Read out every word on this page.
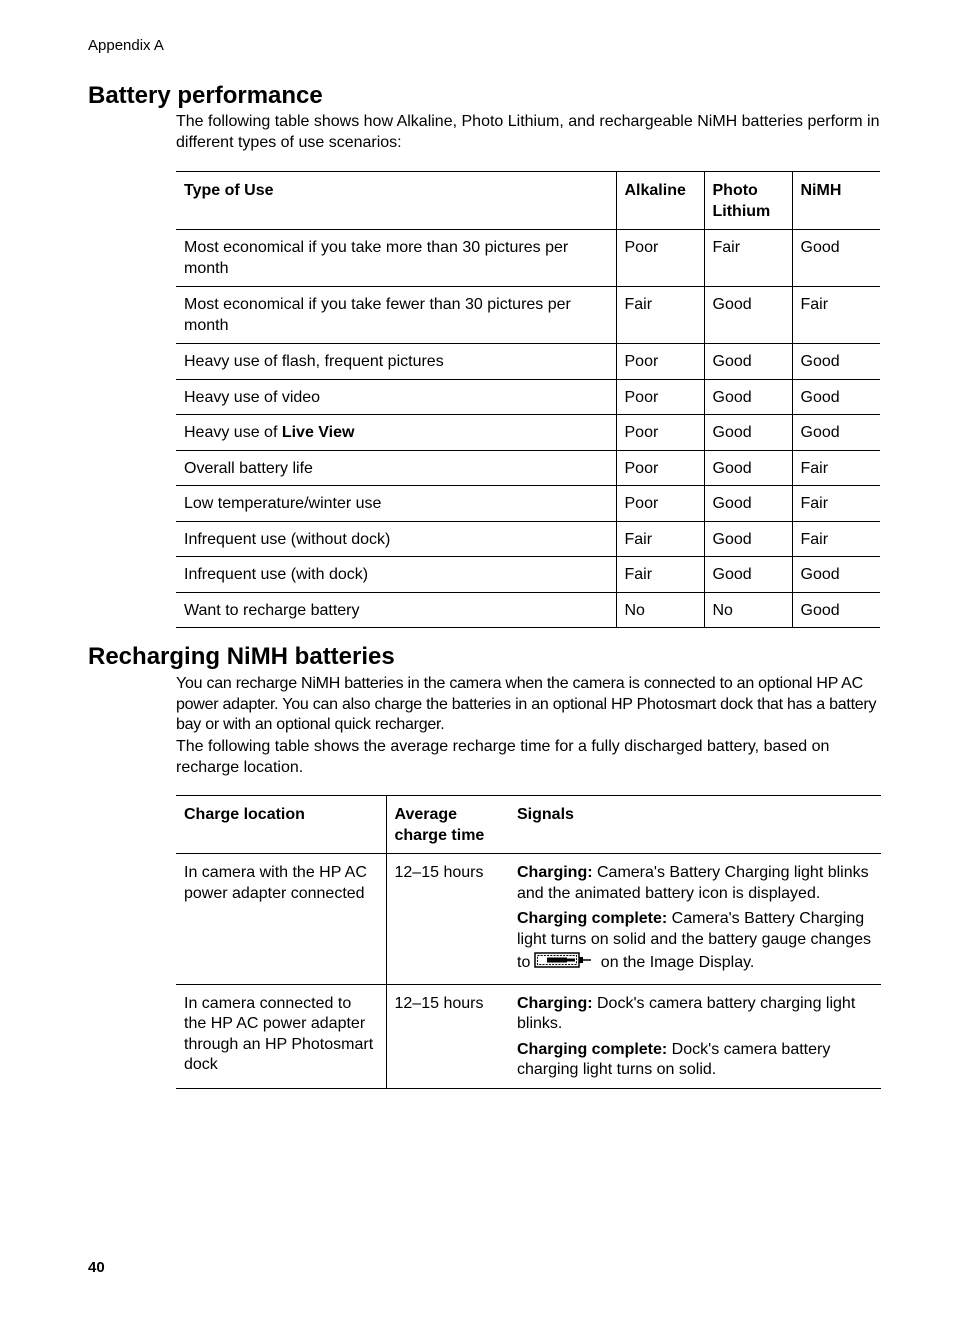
Appendix A
Battery performance

The following table shows how Alkaline, Photo Lithium, and rechargeable NiMH batteries perform in different types of use scenarios:

Type of Use	Alkaline	Photo Lithium	NiMH
Most economical if you take more than 30 pictures per month	Poor	Fair	Good
Most economical if you take fewer than 30 pictures per month	Fair	Good	Fair
Heavy use of flash, frequent pictures	Poor	Good	Good
Heavy use of video	Poor	Good	Good
Heavy use of Live View	Poor	Good	Good
Overall battery life	Poor	Good	Fair
Low temperature/winter use	Poor	Good	Fair
Infrequent use (without dock)	Fair	Good	Fair
Infrequent use (with dock)	Fair	Good	Good
Want to recharge battery	No	No	Good
Recharging NiMH batteries

You can recharge NiMH batteries in the camera when the camera is connected to an optional HP AC power adapter. You can also charge the batteries in an optional HP Photosmart dock that has a battery bay or with an optional quick recharger.

The following table shows the average recharge time for a fully discharged battery, based on recharge location.

Charge location	Average charge time	Signals
In camera with the HP AC power adapter connected	12–15 hours	Charging: Camera's Battery Charging light blinks and the animated battery icon is displayed.

Charging complete: Camera's Battery Charging light turns on solid and the battery gauge changes to on the Image Display.

In camera connected to the HP AC power adapter through an HP Photosmart dock	12–15 hours	Charging: Dock's camera battery charging light blinks.

Charging complete: Dock's camera battery charging light turns on solid.

40
